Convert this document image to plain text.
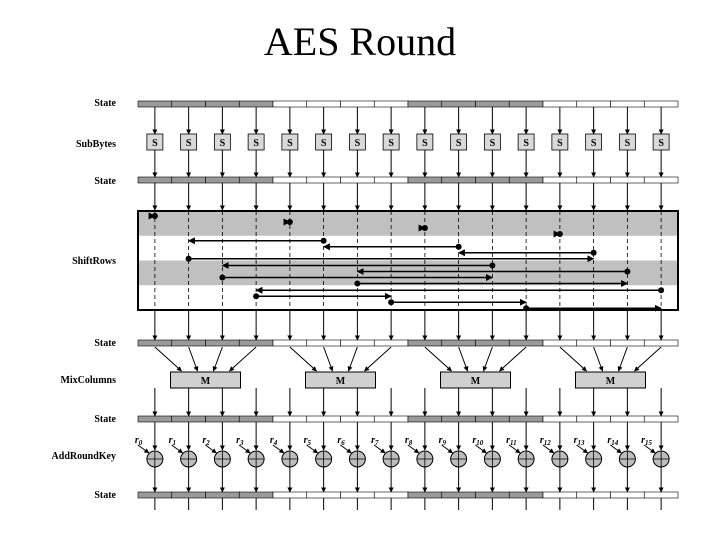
AES Round
State
SubBytes
State
ShiftRows
State
MixColumns
State
AddRoundKey
State
S	S	S	S	S	S	S	S	S	S	S	S	S	S	S	S
M	M	M	M
$r_0$	$r_1$	$r_2$	$r_3$	$r_4$	$r_5$	$r_6$	$r_7$	$r_8$	$r_9$	$r_{10}$ $r_{11}$ $r_{12}$ $r_{13}$ $r_{14}$ $r_{15}$
